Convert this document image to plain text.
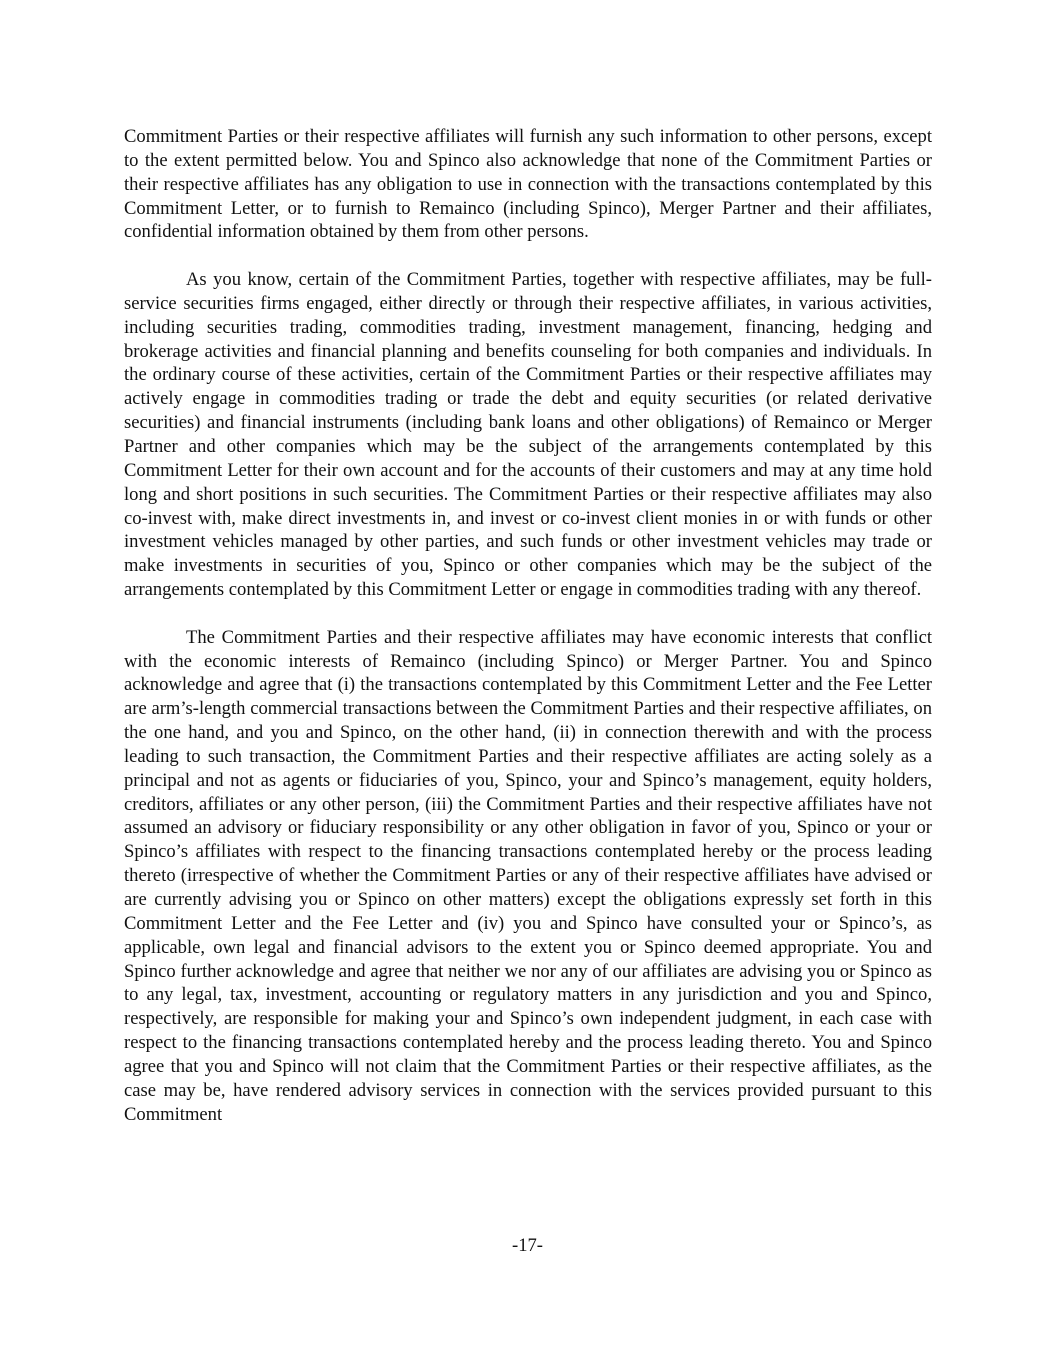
Commitment Parties or their respective affiliates will furnish any such information to other persons, except to the extent permitted below. You and Spinco also acknowledge that none of the Commitment Parties or their respective affiliates has any obligation to use in connection with the transactions contemplated by this Commitment Letter, or to furnish to Remainco (including Spinco), Merger Partner and their affiliates, confidential information obtained by them from other persons.

As you know, certain of the Commitment Parties, together with respective affiliates, may be full-service securities firms engaged, either directly or through their respective affiliates, in various activities, including securities trading, commodities trading, investment management, financing, hedging and brokerage activities and financial planning and benefits counseling for both companies and individuals. In the ordinary course of these activities, certain of the Commitment Parties or their respective affiliates may actively engage in commodities trading or trade the debt and equity securities (or related derivative securities) and financial instruments (including bank loans and other obligations) of Remainco or Merger Partner and other companies which may be the subject of the arrangements contemplated by this Commitment Letter for their own account and for the accounts of their customers and may at any time hold long and short positions in such securities. The Commitment Parties or their respective affiliates may also co-invest with, make direct investments in, and invest or co-invest client monies in or with funds or other investment vehicles managed by other parties, and such funds or other investment vehicles may trade or make investments in securities of you, Spinco or other companies which may be the subject of the arrangements contemplated by this Commitment Letter or engage in commodities trading with any thereof.

The Commitment Parties and their respective affiliates may have economic interests that conflict with the economic interests of Remainco (including Spinco) or Merger Partner. You and Spinco acknowledge and agree that (i) the transactions contemplated by this Commitment Letter and the Fee Letter are arm’s-length commercial transactions between the Commitment Parties and their respective affiliates, on the one hand, and you and Spinco, on the other hand, (ii) in connection therewith and with the process leading to such transaction, the Commitment Parties and their respective affiliates are acting solely as a principal and not as agents or fiduciaries of you, Spinco, your and Spinco’s management, equity holders, creditors, affiliates or any other person, (iii) the Commitment Parties and their respective affiliates have not assumed an advisory or fiduciary responsibility or any other obligation in favor of you, Spinco or your or Spinco’s affiliates with respect to the financing transactions contemplated hereby or the process leading thereto (irrespective of whether the Commitment Parties or any of their respective affiliates have advised or are currently advising you or Spinco on other matters) except the obligations expressly set forth in this Commitment Letter and the Fee Letter and (iv) you and Spinco have consulted your or Spinco’s, as applicable, own legal and financial advisors to the extent you or Spinco deemed appropriate. You and Spinco further acknowledge and agree that neither we nor any of our affiliates are advising you or Spinco as to any legal, tax, investment, accounting or regulatory matters in any jurisdiction and you and Spinco, respectively, are responsible for making your and Spinco’s own independent judgment, in each case with respect to the financing transactions contemplated hereby and the process leading thereto. You and Spinco agree that you and Spinco will not claim that the Commitment Parties or their respective affiliates, as the case may be, have rendered advisory services in connection with the services provided pursuant to this Commitment

-17-
